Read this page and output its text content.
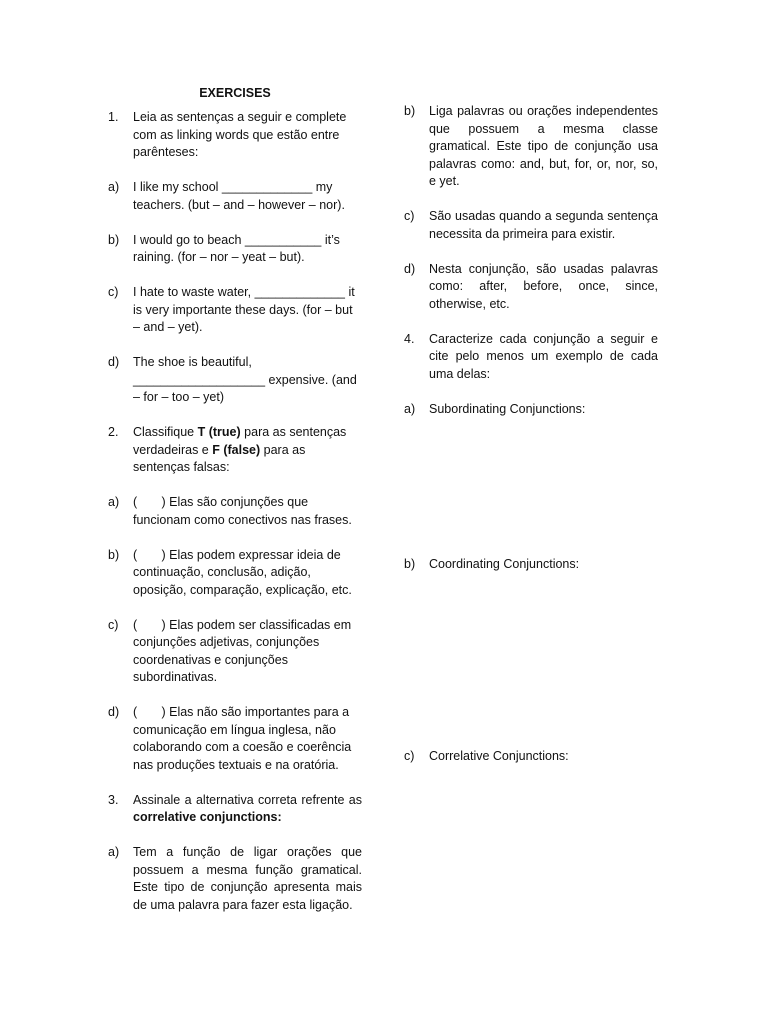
EXERCISES
1.	Leia as sentenças a seguir e complete com as linking words que estão entre parênteses:
a)	I like my school _____________ my teachers. (but – and – however – nor).
b)	I would go to beach ___________ it’s raining. (for – nor – yeat – but).
c)	I hate to waste water, _____________ it is very importante these days. (for – but – and – yet).
d)	The shoe is beautiful, ___________________ expensive. (and – for – too – yet)
2.	Classifique T (true) para as sentenças verdadeiras e F (false) para as sentenças falsas:
a)	(       ) Elas são conjunções que funcionam como conectivos nas frases.
b)	(       ) Elas podem expressar ideia de continuação, conclusão, adição, oposição, comparação, explicação, etc.
c)	(       ) Elas podem ser classificadas em conjunções adjetivas, conjunções coordenativas e conjunções subordinativas.
d)	(       ) Elas não são importantes para a comunicação em língua inglesa, não colaborando com a coesão e coerência nas produções textuais e na oratória.
3.	Assinale a alternativa correta refrente as correlative conjunctions:
a)	Tem a função de ligar orações que possuem a mesma função gramatical. Este tipo de conjunção apresenta mais de uma palavra para fazer esta ligação.
b)	Liga palavras ou orações independentes que possuem a mesma classe gramatical. Este tipo de conjunção usa palavras como: and, but, for, or, nor, so, e yet.
c)	São usadas quando a segunda sentença necessita da primeira para existir.
d)	Nesta conjunção, são usadas palavras como: after, before, once, since, otherwise, etc.
4.	Caracterize cada conjunção a seguir e cite pelo menos um exemplo de cada uma delas:
a)	Subordinating Conjunctions:
b)	Coordinating Conjunctions:
c)	Correlative Conjunctions:
